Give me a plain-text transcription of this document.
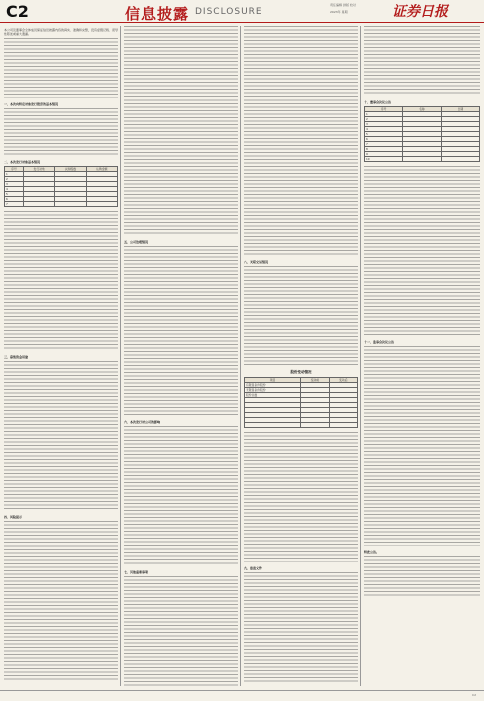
C2	信息披露 DISCLOSURE
责任编辑 排版 校对
2023年 星期	证券日报
本公司及董事会全体成员保证信息披露内容的真实、准确和完整，没有虚假记载、误导性陈述或重大遗漏。
一、本次向特定对象发行股票的基本情况
二、本次发行对象基本情况
序号	发行对象	认购股数	认购金额
1			
2			
3			
4			
5			
6			
7			
三、募集资金用途
四、风险提示
五、公司治理情况
六、本次发行对公司的影响
七、其他重要事项
八、关联交易情况
股份变动情况
项目	变动前	变动后
有限售条件股份		
无限售条件股份		
股份总数		

九、备查文件
十、董事会决议公告
序号	名称	日期
1		
2		
3		
4		
5		
6		
7		
8		
9		
10		
十一、监事会决议公告
特此公告。
C2
